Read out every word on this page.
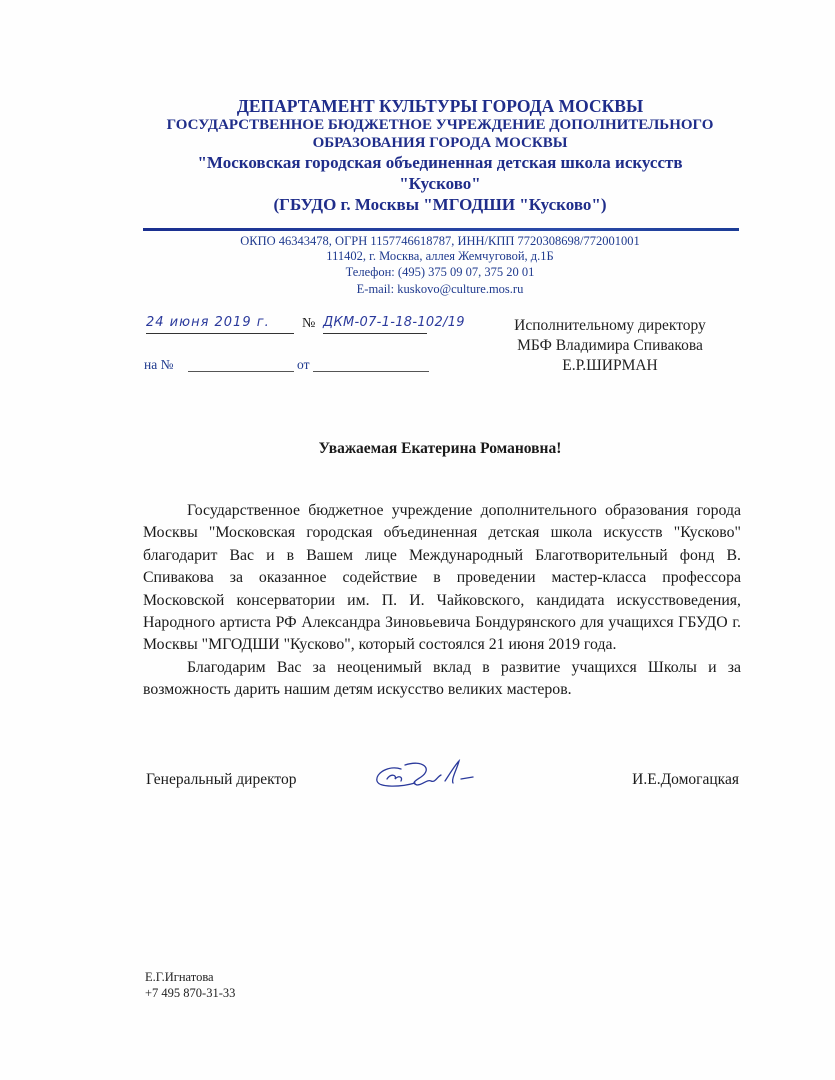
ДЕПАРТАМЕНТ КУЛЬТУРЫ ГОРОДА МОСКВЫ
ГОСУДАРСТВЕННОЕ БЮДЖЕТНОЕ УЧРЕЖДЕНИЕ ДОПОЛНИТЕЛЬНОГО
ОБРАЗОВАНИЯ ГОРОДА МОСКВЫ
"Московская городская объединенная детская школа искусств
"Кусково"
(ГБУДО г. Москвы "МГОДШИ "Кусково")
ОКПО 46343478, ОГРН 1157746618787, ИНН/КПП 7720308698/772001001
111402, г. Москва, аллея Жемчуговой, д.1Б
Телефон: (495) 375 09 07, 375 20 01
E-mail: kuskovo@culture.mos.ru
24 июня 2019 г.	№ ДКМ-07-1-18-102/19
на №	от
Исполнительному директору
МБФ Владимира Спивакова
Е.Р.ШИРМАН
Уважаемая Екатерина Романовна!

Государственное бюджетное учреждение дополнительного образования города Москвы "Московская городская объединенная детская школа искусств "Кусково" благодарит Вас и в Вашем лице Международный Благотворительный фонд В. Спивакова за оказанное содействие в проведении мастер-класса профессора Московской консерватории им. П. И. Чайковского, кандидата искусствоведения, Народного артиста РФ Александра Зиновьевича Бондурянского для учащихся ГБУДО г. Москвы "МГОДШИ "Кусково", который состоялся 21 июня 2019 года.

Благодарим Вас за неоценимый вклад в развитие учащихся Школы и за возможность дарить нашим детям искусство великих мастеров.

Генеральный директор	И.Е.Домогацкая
Е.Г.Игнатова
+7 495 870-31-33
